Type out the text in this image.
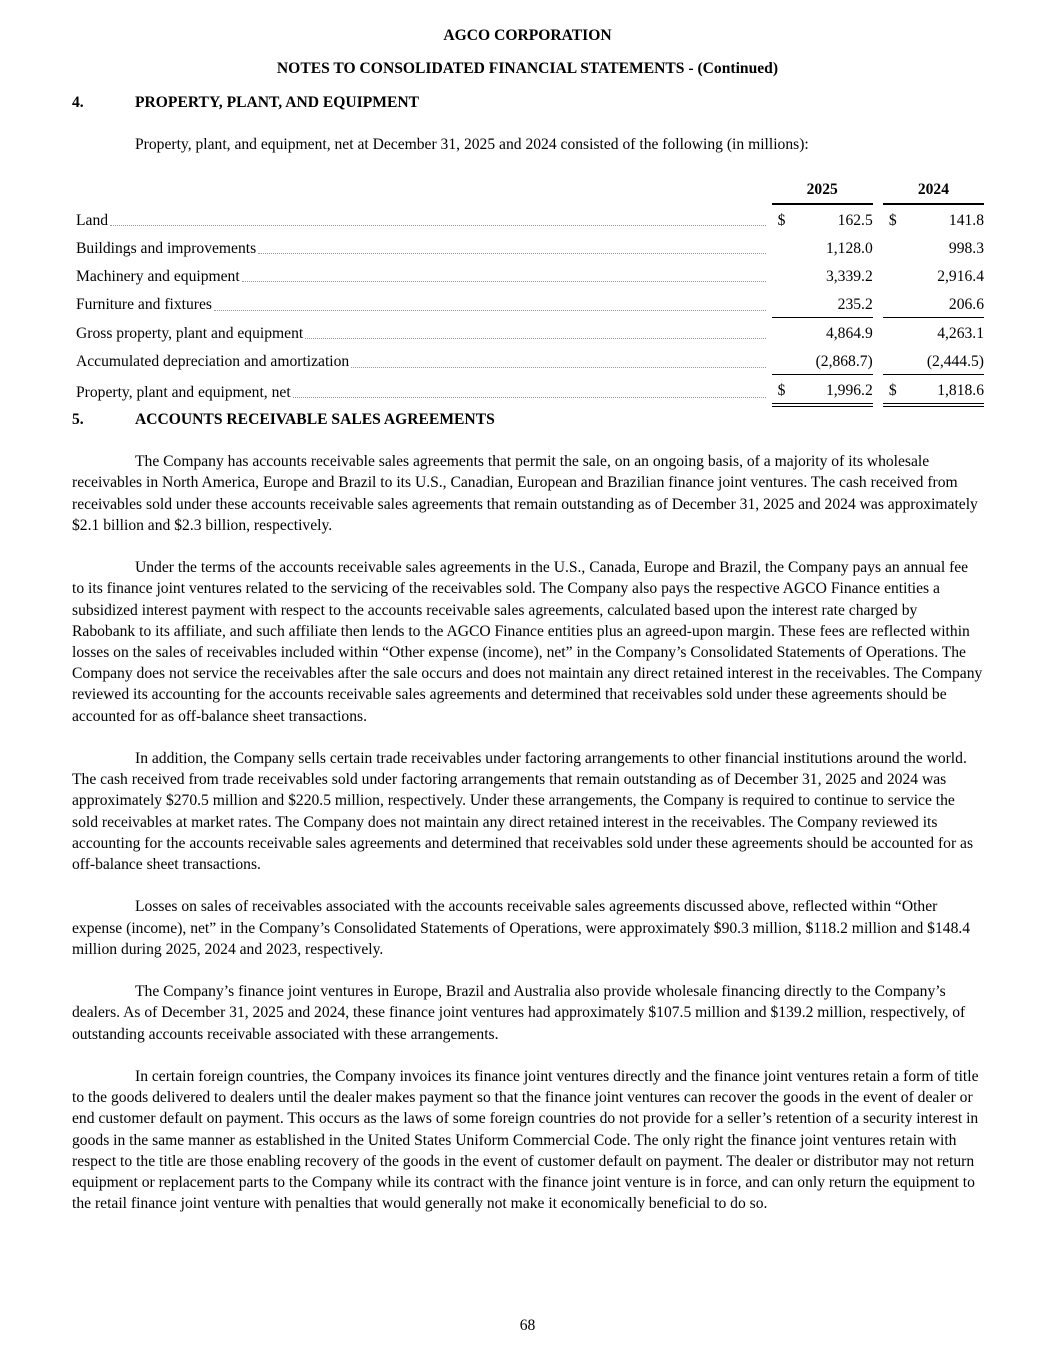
AGCO CORPORATION
NOTES TO CONSOLIDATED FINANCIAL STATEMENTS - (Continued)
4.	PROPERTY, PLANT, AND EQUIPMENT
Property, plant, and equipment, net at December 31, 2025 and 2024 consisted of the following (in millions):
	2025			2024	

Land	$	162.5		$	141.8

Buildings and improvements		1,128.0			998.3

Machinery and equipment		3,339.2			2,916.4

Furniture and fixtures		235.2			206.6

Gross property, plant and equipment		4,864.9			4,263.1

Accumulated depreciation and amortization		(2,868.7)			(2,444.5)

Property, plant and equipment, net	$	1,996.2		$	1,818.6
5.	ACCOUNTS RECEIVABLE SALES AGREEMENTS

The Company has accounts receivable sales agreements that permit the sale, on an ongoing basis, of a majority of its wholesale receivables in North America, Europe and Brazil to its U.S., Canadian, European and Brazilian finance joint ventures. The cash received from receivables sold under these accounts receivable sales agreements that remain outstanding as of December 31, 2025 and 2024 was approximately $2.1 billion and $2.3 billion, respectively.

Under the terms of the accounts receivable sales agreements in the U.S., Canada, Europe and Brazil, the Company pays an annual fee to its finance joint ventures related to the servicing of the receivables sold. The Company also pays the respective AGCO Finance entities a subsidized interest payment with respect to the accounts receivable sales agreements, calculated based upon the interest rate charged by Rabobank to its affiliate, and such affiliate then lends to the AGCO Finance entities plus an agreed-upon margin. These fees are reflected within losses on the sales of receivables included within “Other expense (income), net” in the Company’s Consolidated Statements of Operations. The Company does not service the receivables after the sale occurs and does not maintain any direct retained interest in the receivables. The Company reviewed its accounting for the accounts receivable sales agreements and determined that receivables sold under these agreements should be accounted for as off-balance sheet transactions.

In addition, the Company sells certain trade receivables under factoring arrangements to other financial institutions around the world. The cash received from trade receivables sold under factoring arrangements that remain outstanding as of December 31, 2025 and 2024 was approximately $270.5 million and $220.5 million, respectively. Under these arrangements, the Company is required to continue to service the sold receivables at market rates. The Company does not maintain any direct retained interest in the receivables. The Company reviewed its accounting for the accounts receivable sales agreements and determined that receivables sold under these agreements should be accounted for as off-balance sheet transactions.

Losses on sales of receivables associated with the accounts receivable sales agreements discussed above, reflected within “Other expense (income), net” in the Company’s Consolidated Statements of Operations, were approximately $90.3 million, $118.2 million and $148.4 million during 2025, 2024 and 2023, respectively.

The Company’s finance joint ventures in Europe, Brazil and Australia also provide wholesale financing directly to the Company’s dealers. As of December 31, 2025 and 2024, these finance joint ventures had approximately $107.5 million and $139.2 million, respectively, of outstanding accounts receivable associated with these arrangements.

In certain foreign countries, the Company invoices its finance joint ventures directly and the finance joint ventures retain a form of title to the goods delivered to dealers until the dealer makes payment so that the finance joint ventures can recover the goods in the event of dealer or end customer default on payment. This occurs as the laws of some foreign countries do not provide for a seller’s retention of a security interest in goods in the same manner as established in the United States Uniform Commercial Code. The only right the finance joint ventures retain with respect to the title are those enabling recovery of the goods in the event of customer default on payment. The dealer or distributor may not return equipment or replacement parts to the Company while its contract with the finance joint venture is in force, and can only return the equipment to the retail finance joint venture with penalties that would generally not make it economically beneficial to do so.

68
